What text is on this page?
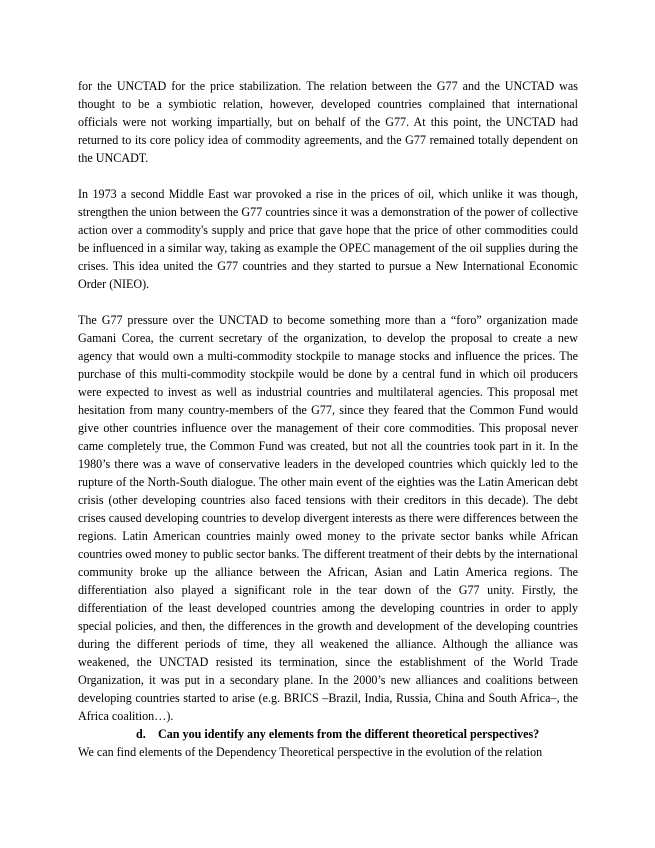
for the UNCTAD for the price stabilization. The relation between the G77 and the UNCTAD was thought to be a symbiotic relation, however, developed countries complained that international officials were not working impartially, but on behalf of the G77. At this point, the UNCTAD had returned to its core policy idea of commodity agreements, and the G77 remained totally dependent on the UNCADT.

In 1973 a second Middle East war provoked a rise in the prices of oil, which unlike it was though, strengthen the union between the G77 countries since it was a demonstration of the power of collective action over a commodity's supply and price that gave hope that the price of other commodities could be influenced in a similar way, taking as example the OPEC management of the oil supplies during the crises. This idea united the G77 countries and they started to pursue a New International Economic Order (NIEO).

The G77 pressure over the UNCTAD to become something more than a “foro” organization made Gamani Corea, the current secretary of the organization, to develop the proposal to create a new agency that would own a multi-commodity stockpile to manage stocks and influence the prices. The purchase of this multi-commodity stockpile would be done by a central fund in which oil producers were expected to invest as well as industrial countries and multilateral agencies. This proposal met hesitation from many country-members of the G77, since they feared that the Common Fund would give other countries influence over the management of their core commodities. This proposal never came completely true, the Common Fund was created, but not all the countries took part in it. In the 1980’s there was a wave of conservative leaders in the developed countries which quickly led to the rupture of the North-South dialogue. The other main event of the eighties was the Latin American debt crisis (other developing countries also faced tensions with their creditors in this decade). The debt crises caused developing countries to develop divergent interests as there were differences between the regions. Latin American countries mainly owed money to the private sector banks while African countries owed money to public sector banks. The different treatment of their debts by the international community broke up the alliance between the African, Asian and Latin America regions. The differentiation also played a significant role in the tear down of the G77 unity. Firstly, the differentiation of the least developed countries among the developing countries in order to apply special policies, and then, the differences in the growth and development of the developing countries during the different periods of time, they all weakened the alliance. Although the alliance was weakened, the UNCTAD resisted its termination, since the establishment of the World Trade Organization, it was put in a secondary plane. In the 2000’s new alliances and coalitions between developing countries started to arise (e.g. BRICS –Brazil, India, Russia, China and South Africa–, the Africa coalition…).

d. Can you identify any elements from the different theoretical perspectives?

We can find elements of the Dependency Theoretical perspective in the evolution of the relation
